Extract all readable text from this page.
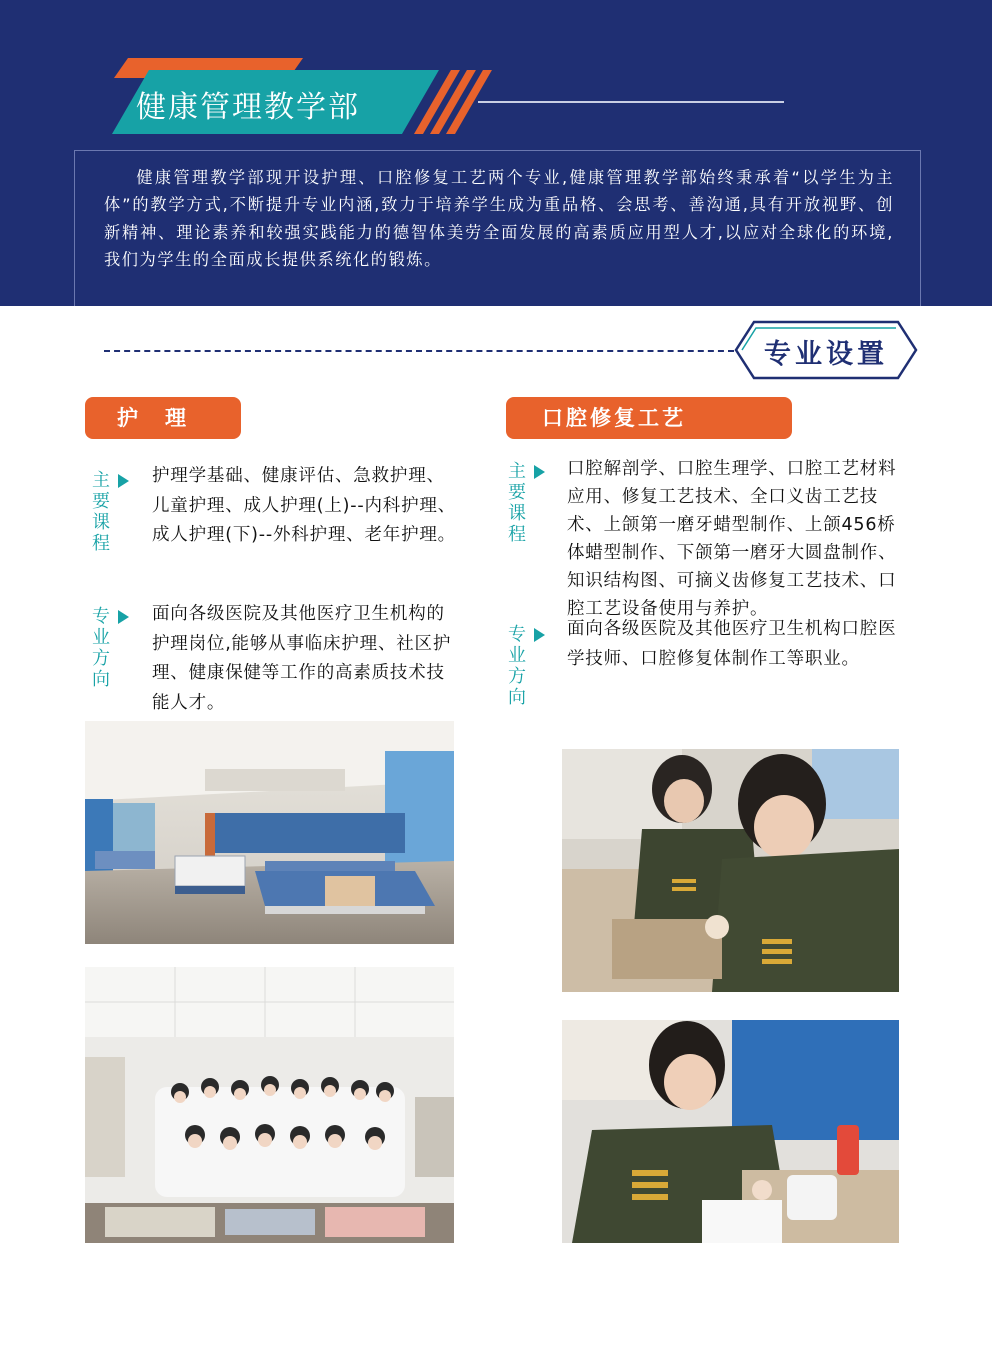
健康管理教学部

健康管理教学部现开设护理、口腔修复工艺两个专业,健康管理教学部始终秉承着“以学生为主体”的教学方式,不断提升专业内涵,致力于培养学生成为重品格、会思考、善沟通,具有开放视野、创新精神、理论素养和较强实践能力的德智体美劳全面发展的高素质应用型人才,以应对全球化的环境,我们为学生的全面成长提供系统化的锻炼。

专业设置
护　理
主要课程

护理学基础、健康评估、急救护理、儿童护理、成人护理(上)--内科护理、成人护理(下)--外科护理、老年护理。

专业方向

面向各级医院及其他医疗卫生机构的护理岗位,能够从事临床护理、社区护理、健康保健等工作的高素质技术技能人才。

口腔修复工艺
主要课程

口腔解剖学、口腔生理学、口腔工艺材料应用、修复工艺技术、全口义齿工艺技术、上颌第一磨牙蜡型制作、上颌456桥体蜡型制作、下颌第一磨牙大圆盘制作、知识结构图、可摘义齿修复工艺技术、口腔工艺设备使用与养护。

专业方向

面向各级医院及其他医疗卫生机构口腔医学技师、口腔修复体制作工等职业。
